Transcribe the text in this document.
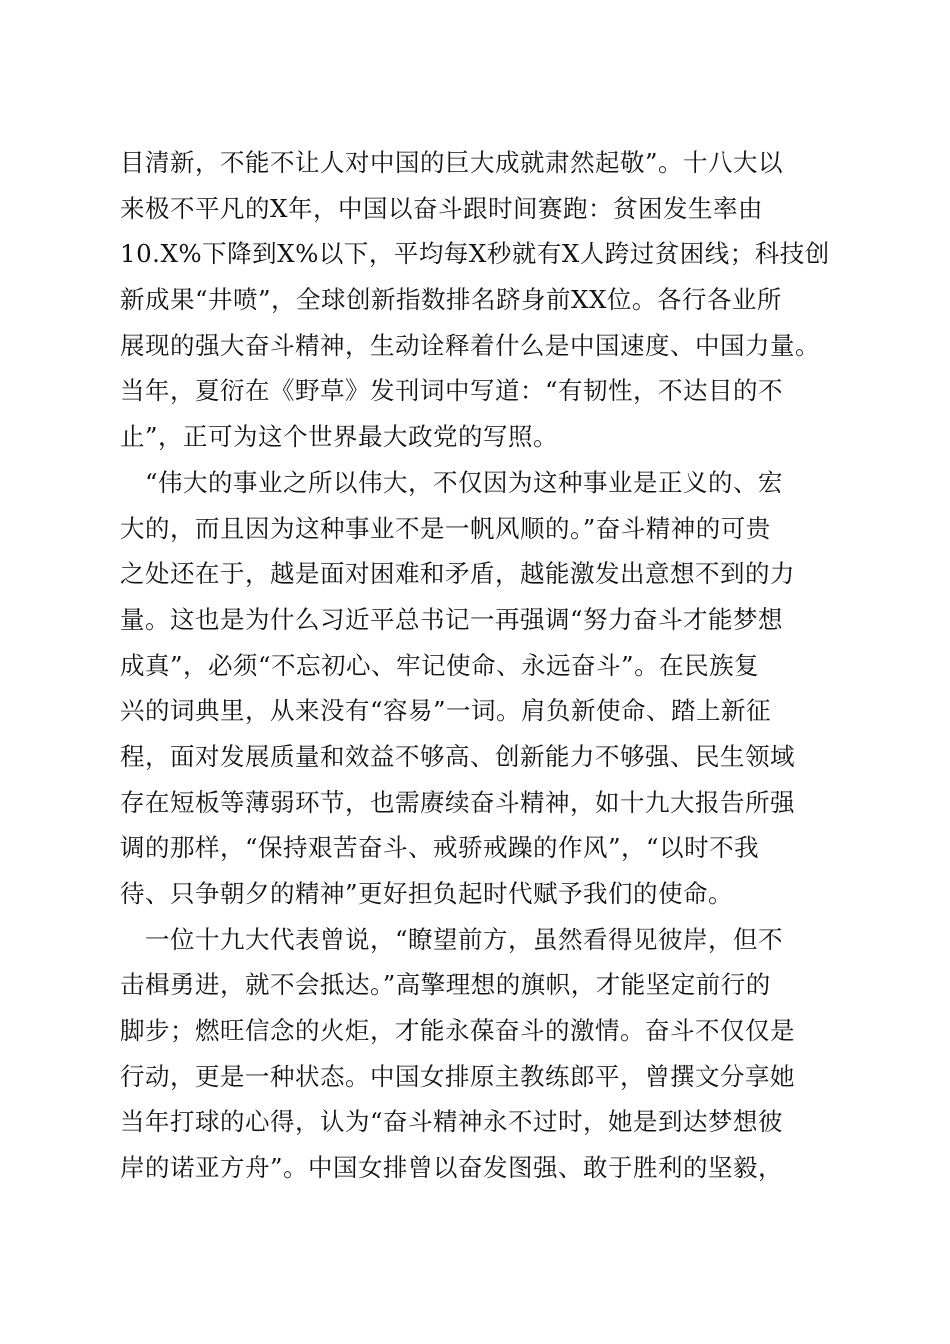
目清新，不能不让人对中国的巨大成就肃然起敬”。十八大以
来极不平凡的X年，中国以奋斗跟时间赛跑：贫困发生率由
10.X%下降到X%以下，平均每X秒就有X人跨过贫困线；科技创
新成果“井喷”，全球创新指数排名跻身前XX位。各行各业所
展现的强大奋斗精神，生动诠释着什么是中国速度、中国力量。
当年，夏衍在《野草》发刊词中写道：“有韧性，不达目的不
止”，正可为这个世界最大政党的写照。
　“伟大的事业之所以伟大，不仅因为这种事业是正义的、宏
大的，而且因为这种事业不是一帆风顺的。”奋斗精神的可贵
之处还在于，越是面对困难和矛盾，越能激发出意想不到的力
量。这也是为什么习近平总书记一再强调“努力奋斗才能梦想
成真”，必须“不忘初心、牢记使命、永远奋斗”。在民族复
兴的词典里，从来没有“容易”一词。肩负新使命、踏上新征
程，面对发展质量和效益不够高、创新能力不够强、民生领域
存在短板等薄弱环节，也需赓续奋斗精神，如十九大报告所强
调的那样，“保持艰苦奋斗、戒骄戒躁的作风”，“以时不我
待、只争朝夕的精神”更好担负起时代赋予我们的使命。
　一位十九大代表曾说，“瞭望前方，虽然看得见彼岸，但不
击楫勇进，就不会抵达。”高擎理想的旗帜，才能坚定前行的
脚步；燃旺信念的火炬，才能永葆奋斗的激情。奋斗不仅仅是
行动，更是一种状态。中国女排原主教练郎平，曾撰文分享她
当年打球的心得，认为“奋斗精神永不过时，她是到达梦想彼
岸的诺亚方舟”。中国女排曾以奋发图强、敢于胜利的坚毅，
